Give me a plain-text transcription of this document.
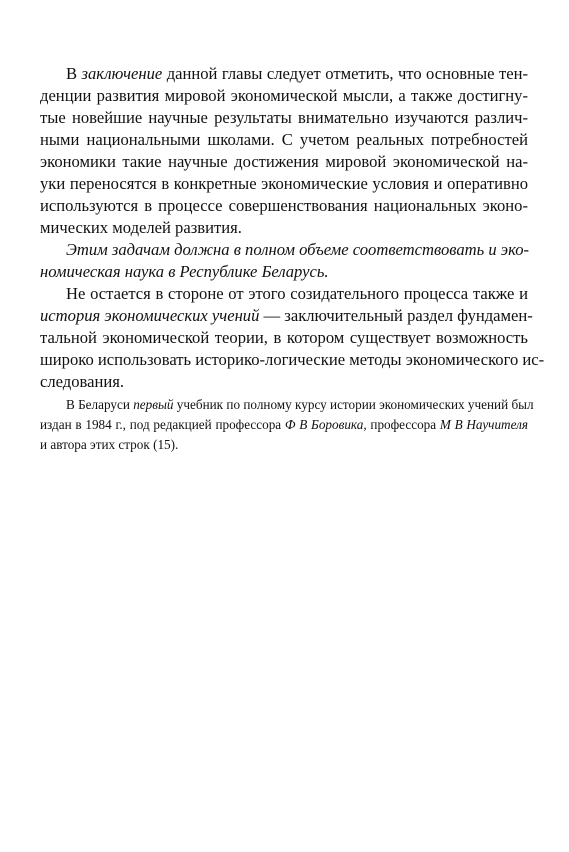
В заключение данной главы следует отметить, что основные тен-
денции развития мировой экономической мысли, а также достигну-
тые новейшие научные результаты внимательно изучаются различ-
ными национальными школами. С учетом реальных потребностей
экономики такие научные достижения мировой экономической на-
уки переносятся в конкретные экономические условия и оперативно
используются в процессе совершенствования национальных эконо-
мических моделей развития.
Этим задачам должна в полном объеме соответствовать и эко-
номическая наука в Республике Беларусь.
Не остается в стороне от этого созидательного процесса также и
история экономических учений — заключительный раздел фундамен-
тальной экономической теории, в котором существует возможность
широко использовать историко-логические методы экономического ис-
следования.
В Беларуси первый учебник по полному курсу истории экономических учений был
издан в 1984 г., под редакцией профессора Ф В Боровика, профессора М В Научителя
и автора этих строк (15).
